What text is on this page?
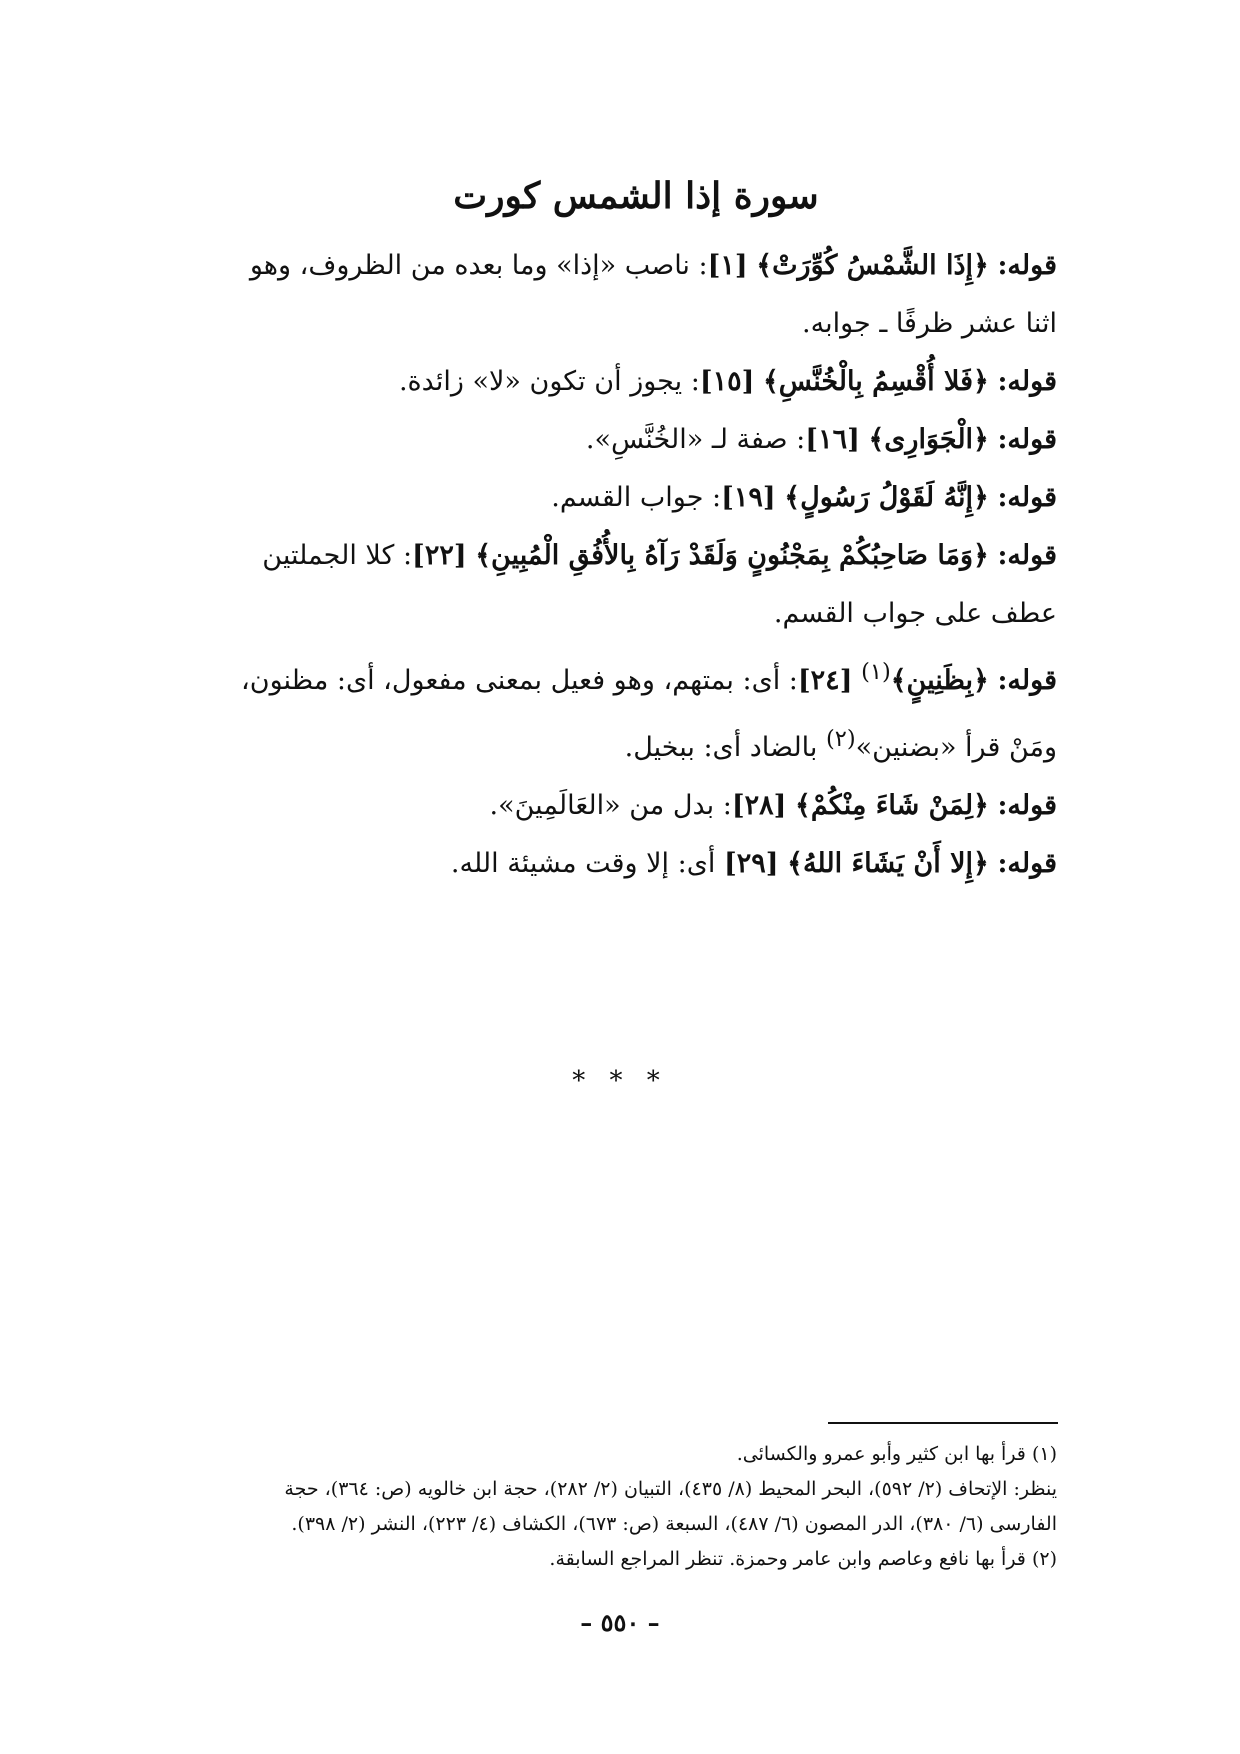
سورة إذا الشمس كورت

قوله: ﴿إِذَا الشَّمْسُ كُوِّرَتْ﴾ [١]: ناصب «إذا» وما بعده من الظروف، وهو اثنا عشر ظرفًا ـ جوابه.

قوله: ﴿فَلا أُقْسِمُ بِالْخُنَّسِ﴾ [١٥]: يجوز أن تكون «لا» زائدة.

قوله: ﴿الْجَوَارِى﴾ [١٦]: صفة لـ «الخُنَّسِ».

قوله: ﴿إِنَّهُ لَقَوْلُ رَسُولٍ﴾ [١٩]: جواب القسم.

قوله: ﴿وَمَا صَاحِبُكُمْ بِمَجْنُونٍ وَلَقَدْ رَآهُ بِالأُفُقِ الْمُبِينِ﴾ [٢٢]: كلا الجملتين عطف على جواب القسم.

قوله: ﴿بِظَنِينٍ﴾$^{(١)}$ [٢٤]: أى: بمتهم، وهو فعيل بمعنى مفعول، أى: مظنون، ومَنْ قرأ «بضنين»$^{(٢)}$ بالضاد أى: ببخيل.

قوله: ﴿لِمَنْ شَاءَ مِنْكُمْ﴾ [٢٨]: بدل من «العَالَمِينَ».

قوله: ﴿إِلا أَنْ يَشَاءَ اللهُ﴾ [٢٩] أى: إلا وقت مشيئة الله.

* * *

(١) قرأ بها ابن كثير وأبو عمرو والكسائى.

ينظر: الإتحاف (٢/ ٥٩٢)، البحر المحيط (٨/ ٤٣٥)، التبيان (٢/ ٢٨٢)، حجة ابن خالويه (ص: ٣٦٤)، حجة الفارسى (٦/ ٣٨٠)، الدر المصون (٦/ ٤٨٧)، السبعة (ص: ٦٧٣)، الكشاف (٤/ ٢٢٣)، النشر (٢/ ٣٩٨).

(٢) قرأ بها نافع وعاصم وابن عامر وحمزة. تنظر المراجع السابقة.

– ٥٥٠ –
